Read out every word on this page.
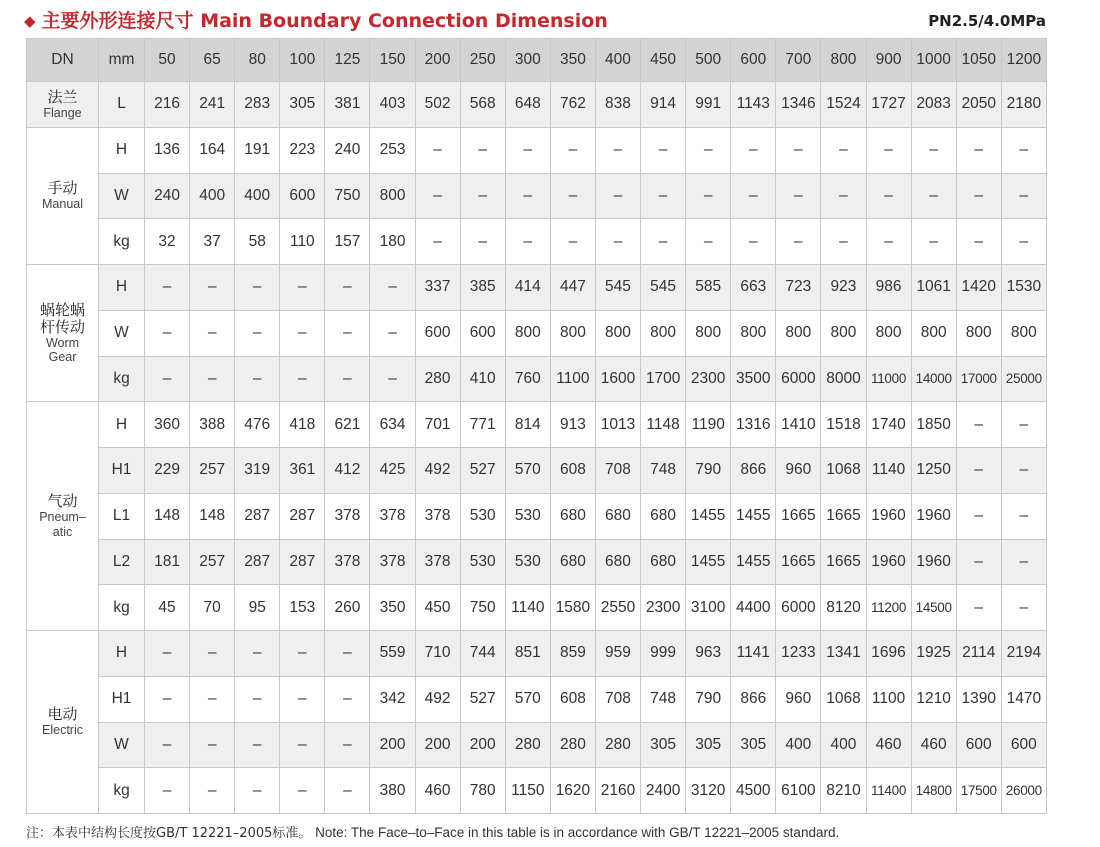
◆ 主要外形连接尺寸 Main Boundary Connection Dimension	PN2.5/4.0MPa
DN	mm	50	65	80	100	125	150	200	250	300	350	400	450	500	600	700	800	900	1000	1050	1200

法兰
Flange	L	216	241	283	305	381	403	502	568	648	762	838	914	991	1143	1346	1524	1727	2083	2050	2180

手动
Manual	H	136	164	191	223	240	253	–	–	–	–	–	–	–	–	–	–	–	–	–	–
	W	240	400	400	600	750	800	–	–	–	–	–	–	–	–	–	–	–	–	–	–
	kg	32	37	58	110	157	180	–	–	–	–	–	–	–	–	–	–	–	–	–	–

蜗轮蜗
杆传动
Worm
Gear	H	–	–	–	–	–	–	337	385	414	447	545	545	585	663	723	923	986	1061	1420	1530
	W	–	–	–	–	–	–	600	600	800	800	800	800	800	800	800	800	800	800	800	800
	kg	–	–	–	–	–	–	280	410	760	1100	1600	1700	2300	3500	6000	8000	11000	14000	17000	25000

气动
Pneum–
atic	H	360	388	476	418	621	634	701	771	814	913	1013	1148	1190	1316	1410	1518	1740	1850	–	–
	H1	229	257	319	361	412	425	492	527	570	608	708	748	790	866	960	1068	1140	1250	–	–
	L1	148	148	287	287	378	378	378	530	530	680	680	680	1455	1455	1665	1665	1960	1960	–	–
	L2	181	257	287	287	378	378	378	530	530	680	680	680	1455	1455	1665	1665	1960	1960	–	–
	kg	45	70	95	153	260	350	450	750	1140	1580	2550	2300	3100	4400	6000	8120	11200	14500	–	–

电动
Electric	H	–	–	–	–	–	559	710	744	851	859	959	999	963	1141	1233	1341	1696	1925	2114	2194
	H1	–	–	–	–	–	342	492	527	570	608	708	748	790	866	960	1068	1100	1210	1390	1470
	W	–	–	–	–	–	200	200	200	280	280	280	305	305	305	400	400	460	460	600	600
	kg	–	–	–	–	–	380	460	780	1150	1620	2160	2400	3120	4500	6100	8210	11400	14800	17500	26000
注：本表中结构长度按GB/T 12221–2005标准。 Note: The Face–to–Face in this table is in accordance with GB/T 12221–2005 standard.
